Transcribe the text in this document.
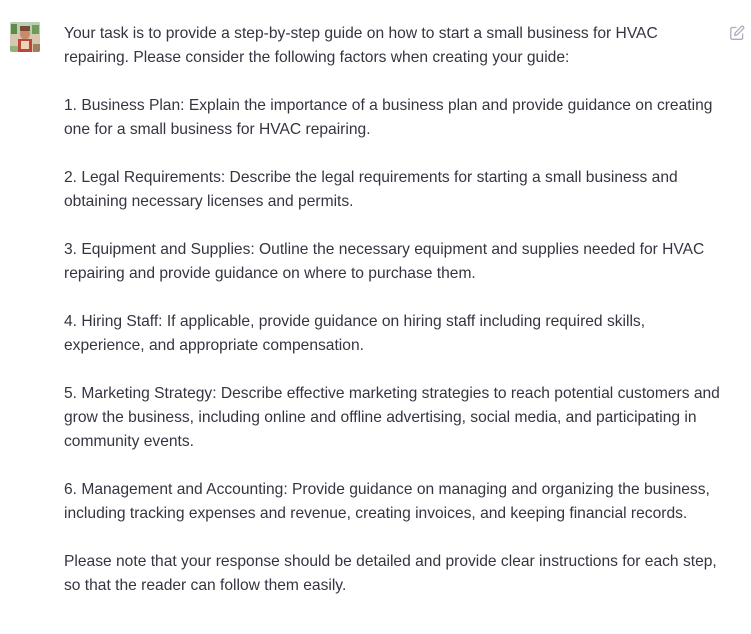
Your task is to provide a step-by-step guide on how to start a small business for HVAC repairing. Please consider the following factors when creating your guide:

1. Business Plan: Explain the importance of a business plan and provide guidance on creating one for a small business for HVAC repairing.

2. Legal Requirements: Describe the legal requirements for starting a small business and obtaining necessary licenses and permits.

3. Equipment and Supplies: Outline the necessary equipment and supplies needed for HVAC repairing and provide guidance on where to purchase them.

4. Hiring Staff: If applicable, provide guidance on hiring staff including required skills, experience, and appropriate compensation.

5. Marketing Strategy: Describe effective marketing strategies to reach potential customers and grow the business, including online and offline advertising, social media, and participating in community events.

6. Management and Accounting: Provide guidance on managing and organizing the business, including tracking expenses and revenue, creating invoices, and keeping financial records.

Please note that your response should be detailed and provide clear instructions for each step, so that the reader can follow them easily.
